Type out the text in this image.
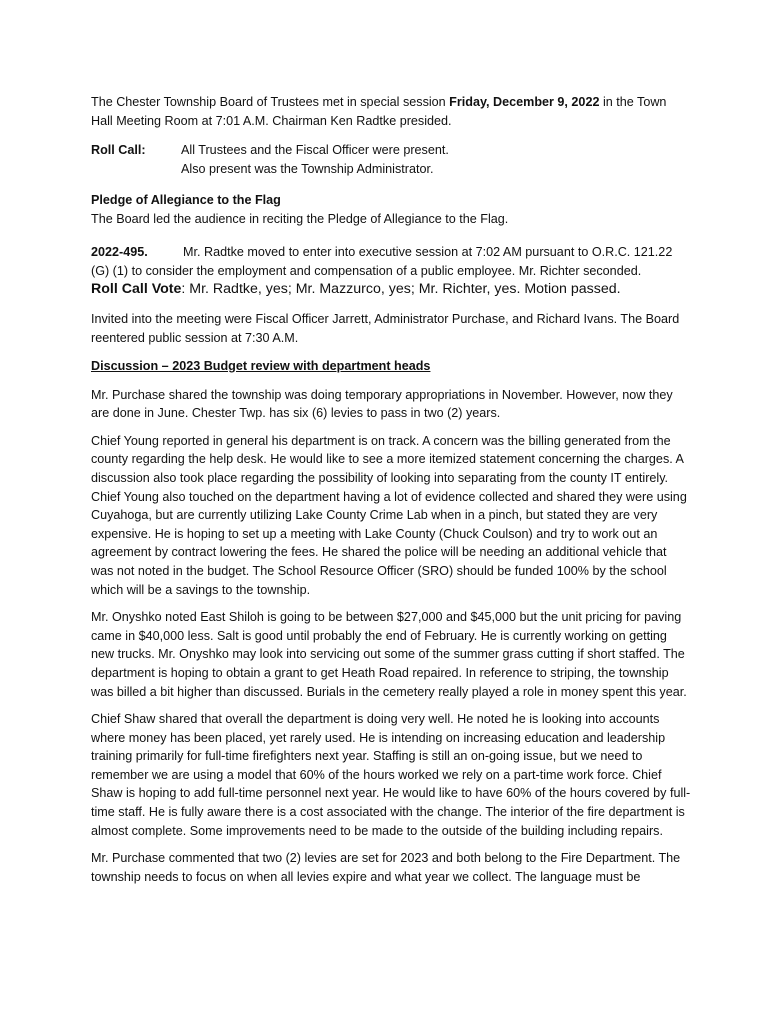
The Chester Township Board of Trustees met in special session Friday, December 9, 2022 in the Town Hall Meeting Room at 7:01 A.M. Chairman Ken Radtke presided.

Roll Call:	All Trustees and the Fiscal Officer were present.

Also present was the Township Administrator.

Pledge of Allegiance to the Flag

The Board led the audience in reciting the Pledge of Allegiance to the Flag.

2022-495.	Mr. Radtke moved to enter into executive session at 7:02 AM pursuant to O.R.C. 121.22 (G) (1) to consider the employment and compensation of a public employee. Mr. Richter seconded.

Roll Call Vote: Mr. Radtke, yes; Mr. Mazzurco, yes; Mr. Richter, yes. Motion passed.

Invited into the meeting were Fiscal Officer Jarrett, Administrator Purchase, and Richard Ivans. The Board reentered public session at 7:30 A.M.

Discussion – 2023 Budget review with department heads

Mr. Purchase shared the township was doing temporary appropriations in November. However, now they are done in June. Chester Twp. has six (6) levies to pass in two (2) years.

Chief Young reported in general his department is on track. A concern was the billing generated from the county regarding the help desk. He would like to see a more itemized statement concerning the charges. A discussion also took place regarding the possibility of looking into separating from the county IT entirely. Chief Young also touched on the department having a lot of evidence collected and shared they were using Cuyahoga, but are currently utilizing Lake County Crime Lab when in a pinch, but stated they are very expensive. He is hoping to set up a meeting with Lake County (Chuck Coulson) and try to work out an agreement by contract lowering the fees. He shared the police will be needing an additional vehicle that was not noted in the budget. The School Resource Officer (SRO) should be funded 100% by the school which will be a savings to the township.

Mr. Onyshko noted East Shiloh is going to be between $27,000 and $45,000 but the unit pricing for paving came in $40,000 less. Salt is good until probably the end of February. He is currently working on getting new trucks. Mr. Onyshko may look into servicing out some of the summer grass cutting if short staffed. The department is hoping to obtain a grant to get Heath Road repaired. In reference to striping, the township was billed a bit higher than discussed. Burials in the cemetery really played a role in money spent this year.

Chief Shaw shared that overall the department is doing very well. He noted he is looking into accounts where money has been placed, yet rarely used. He is intending on increasing education and leadership training primarily for full-time firefighters next year. Staffing is still an on-going issue, but we need to remember we are using a model that 60% of the hours worked we rely on a part-time work force. Chief Shaw is hoping to add full-time personnel next year. He would like to have 60% of the hours covered by full-time staff. He is fully aware there is a cost associated with the change. The interior of the fire department is almost complete. Some improvements need to be made to the outside of the building including repairs.

Mr. Purchase commented that two (2) levies are set for 2023 and both belong to the Fire Department. The township needs to focus on when all levies expire and what year we collect. The language must be
